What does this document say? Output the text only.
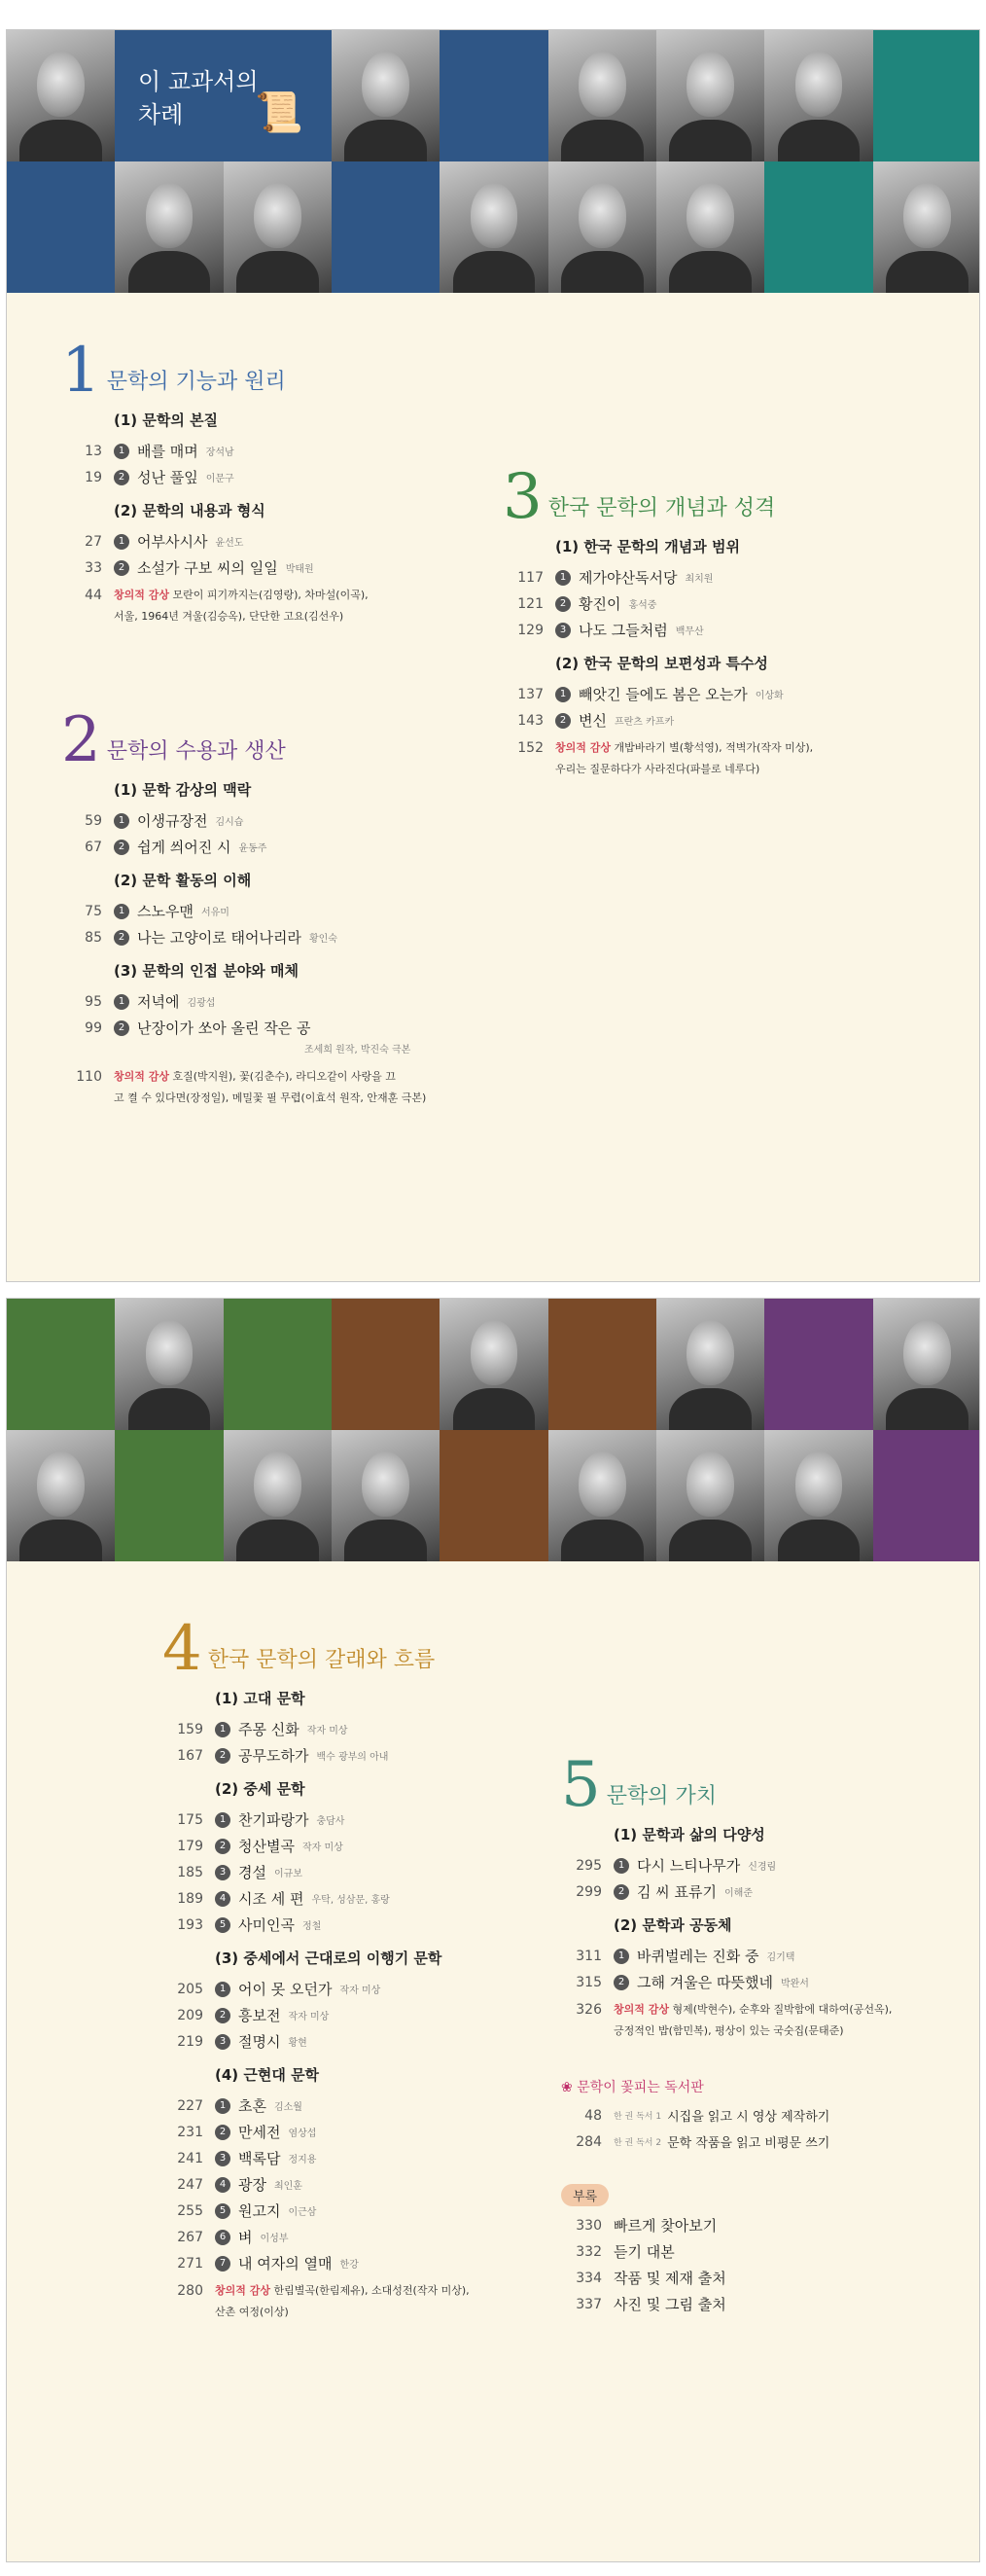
이 교과서의
차례	📜
1 문학의 기능과 원리
(1) 문학의 본질
13	1 배를 매며 장석남
19	2 성난 풀잎 이문구
(2) 문학의 내용과 형식
27	1 어부사시사 윤선도
33	2 소설가 구보 씨의 일일 박태원
44 창의적 감상 모란이 피기까지는(김영랑), 차마설(이곡),
서울, 1964년 겨울(김승옥), 단단한 고요(김선우)
2 문학의 수용과 생산
(1) 문학 감상의 맥락
59	1 이생규장전 김시습
67	2 쉽게 씌어진 시 윤동주
(2) 문학 활동의 이해
75	1 스노우맨 서유미
85	2 나는 고양이로 태어나리라 황인숙
(3) 문학의 인접 분야와 매체
95	1 저녁에 김광섭
99	2 난장이가 쏘아 올린 작은 공
조세희 원작, 박진숙 극본
110 창의적 감상 호질(박지원), 꽃(김춘수), 라디오같이 사랑을 끄
고 켤 수 있다면(장정일), 메밀꽃 필 무렵(이효석 원작, 안재훈 극본)
3 한국 문학의 개념과 성격
(1) 한국 문학의 개념과 범위
117	1 제가야산독서당 최치원
121	2 황진이 홍석중
129	3 나도 그들처럼 백무산
(2) 한국 문학의 보편성과 특수성
137	1 빼앗긴 들에도 봄은 오는가 이상화
143	2 변신 프란츠 카프카
152 창의적 감상 개밥바라기 별(황석영), 적벽가(작자 미상),
우리는 질문하다가 사라진다(파블로 네루다)
4 한국 문학의 갈래와 흐름
(1) 고대 문학
159	1 주몽 신화 작자 미상
167	2 공무도하가 백수 광부의 아내
(2) 중세 문학
175	1 찬기파랑가 충담사
179	2 청산별곡 작자 미상
185	3 경설 이규보
189	4 시조 세 편 우탁, 성삼문, 홍랑
193	5 사미인곡 정철
(3) 중세에서 근대로의 이행기 문학
205	1 어이 못 오던가 작자 미상
209	2 흥보전 작자 미상
219	3 절명시 황현
(4) 근현대 문학
227	1 초혼 김소월
231	2 만세전 염상섭
241	3 백록담 정지용
247	4 광장 최인훈
255	5 원고지 이근삼
267	6 벼 이성부
271	7 내 여자의 열매 한강
280 창의적 감상 한림별곡(한림제유), 소대성전(작자 미상),
산촌 여정(이상)
5 문학의 가치
(1) 문학과 삶의 다양성
295	1 다시 느티나무가 신경림
299	2 김 씨 표류기 이해준
(2) 문학과 공동체
311	1 바퀴벌레는 진화 중 김기택
315	2 그해 겨울은 따뜻했네 박완서
326 창의적 감상 형제(박현수), 순후와 질박함에 대하여(공선옥),
긍정적인 밥(함민복), 평상이 있는 국숫집(문태준)
❀ 문학이 꽃피는 독서판
48 한 권 독서 1 시집을 읽고 시 영상 제작하기
284 한 권 독서 2 문학 작품을 읽고 비평문 쓰기
부록
330 빠르게 찾아보기
332 듣기 대본
334 작품 및 제재 출처
337 사진 및 그림 출처
